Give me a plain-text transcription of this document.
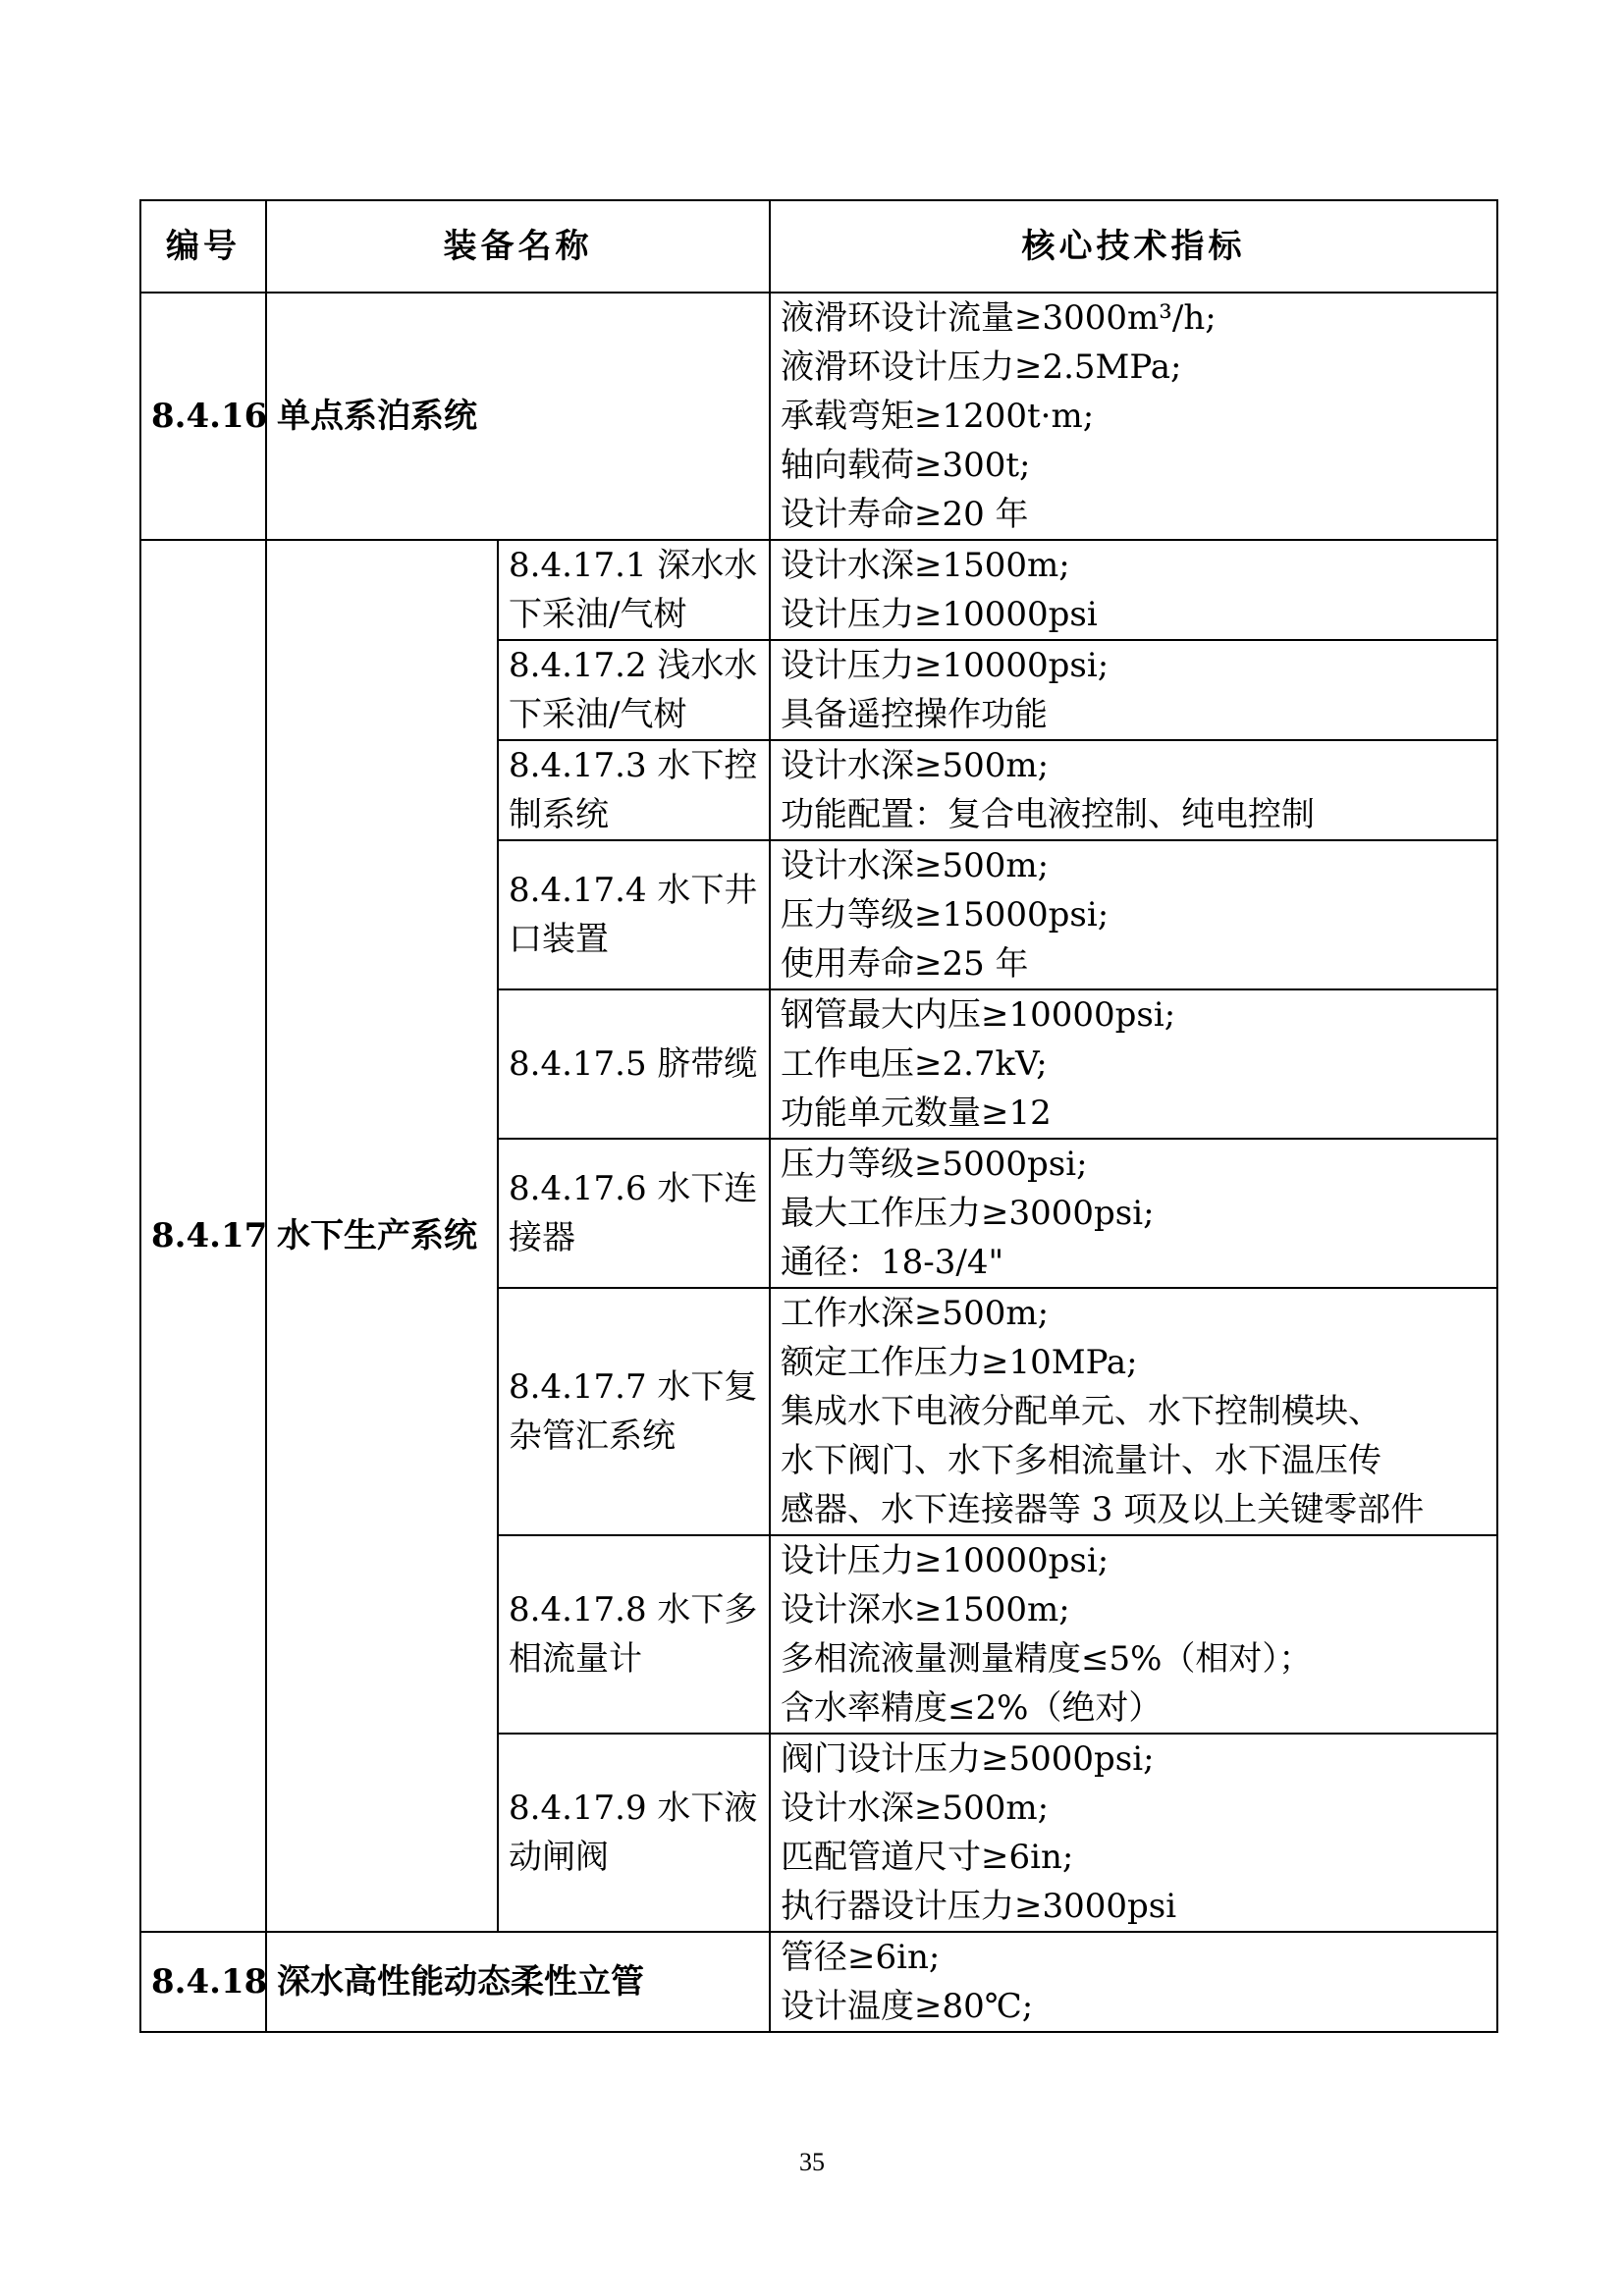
编号	装备名称		核心技术指标
8.4.16	单点系泊系统		液滑环设计流量≥3000m³/h;
液滑环设计压力≥2.5MPa;
承载弯矩≥1200t·m;
轴向载荷≥300t;
设计寿命≥20 年

8.4.17	水下生产系统	8.4.17.1 深水水下采油/气树	设计水深≥1500m;
设计压力≥10000psi

		8.4.17.2 浅水水下采油/气树	设计压力≥10000psi;
具备遥控操作功能

		8.4.17.3 水下控制系统	设计水深≥500m;
功能配置：复合电液控制、纯电控制

		8.4.17.4 水下井口装置	设计水深≥500m;
压力等级≥15000psi;
使用寿命≥25 年

		8.4.17.5 脐带缆	钢管最大内压≥10000psi;
工作电压≥2.7kV;
功能单元数量≥12

		8.4.17.6 水下连接器	压力等级≥5000psi;
最大工作压力≥3000psi;
通径：18-3/4"

		8.4.17.7 水下复杂管汇系统	工作水深≥500m;
额定工作压力≥10MPa;
集成水下电液分配单元、水下控制模块、
水下阀门、水下多相流量计、水下温压传
感器、水下连接器等 3 项及以上关键零部件

		8.4.17.8 水下多相流量计	设计压力≥10000psi;
设计深水≥1500m;
多相流液量测量精度≤5%（相对）；
含水率精度≤2%（绝对）

		8.4.17.9 水下液动闸阀	阀门设计压力≥5000psi;
设计水深≥500m;
匹配管道尺寸≥6in;
执行器设计压力≥3000psi

8.4.18	深水高性能动态柔性立管		管径≥6in;
设计温度≥80℃;
35
